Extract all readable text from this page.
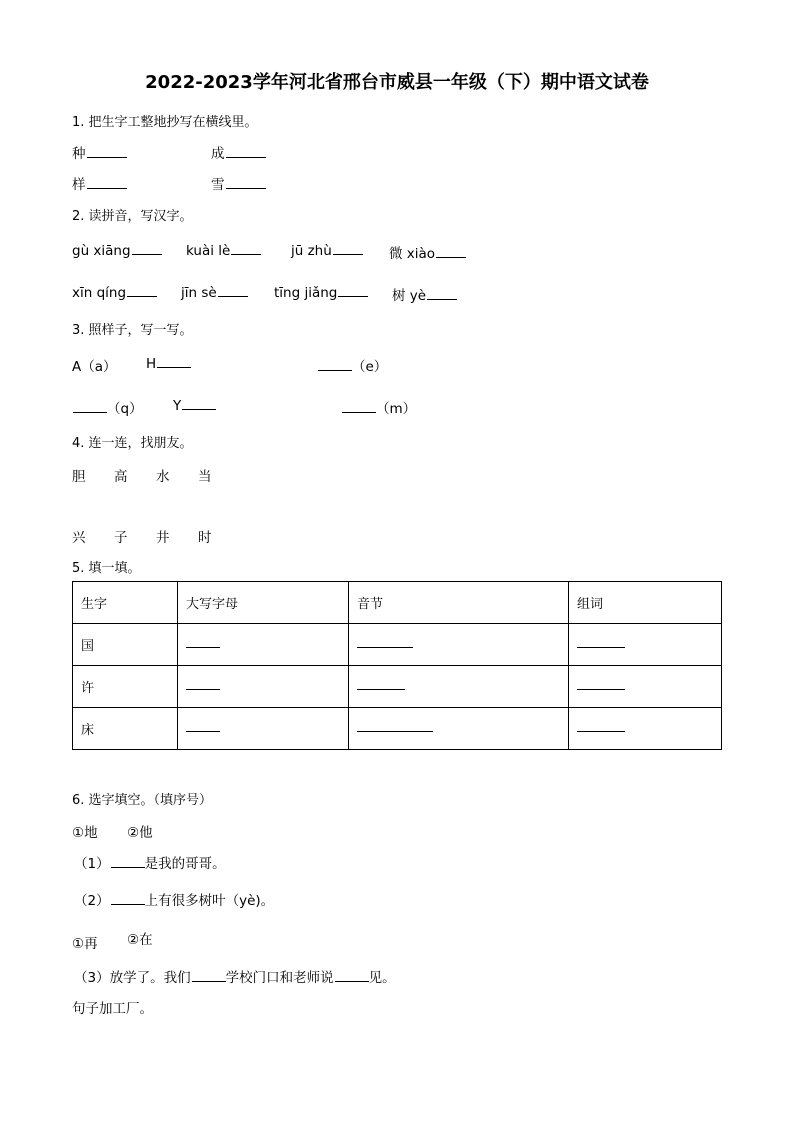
2022-2023学年河北省邢台市威县一年级（下）期中语文试卷
1. 把生字工整地抄写在横线里。
种	成
样	雪
2. 读拼音，写汉字。
gù xiāng	kuài lè	jū zhù	微 xiào
xīn qíng	jīn sè	tīng jiǎng	树 yè
3. 照样子，写一写。
A（a） H	（e）
（q） Y	（m）
4. 连一连，找朋友。
胆 高 水 当
兴 子 井 时
5. 填一填。
生字	大写字母	音节	组词
国			
许			
床			
6. 选字填空。（填序号）
①地 ②他
（1）	是我的哥哥。
（2）	上有很多树叶（yè)。
①再 ②在
（3）放学了。我们	学校门口和老师说	见。
句子加工厂。
